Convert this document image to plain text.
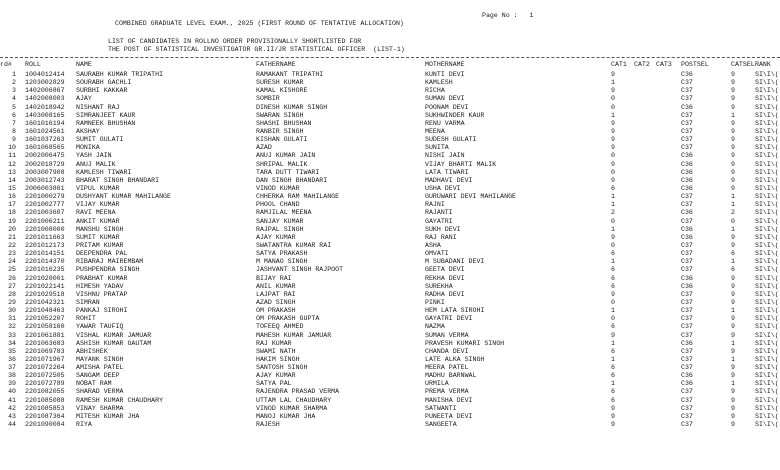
Page No :   1
COMBINED GRADUATE LEVEL EXAM., 2025 (FIRST ROUND OF TENTATIVE ALLOCATION)
LIST OF CANDIDATES IN ROLLNO ORDER PROVISIONALLY SHORTLISTED FOR
THE POST OF STATISTICAL INVESTIGATOR GR.II/JR STATISTICAL OFFICER  (LIST-1)
rd#	ROLL	NAME	FATHERNAME	MOTHERNAME	CAT1	CAT2 CAT3	POSTSEL	CATSEL RANK
1 1004012414	SAURABH KUMAR TRIPATHI	RAMAKANT TRIPATHI	KUNTI DEVI	9	C36	9	SI\I\(
2 1203002829	SOURABH GACHLI	SURESH KUMAR	KAMLESH	1	C37	9	SI\I\(
3 1402006867	SURBHI KAKKAR	KAMAL KISHORE	RICHA	9	C37	9	SI\I\(
4 1402008003	AJAY	SOMBIR	SUMAN DEVI	0	C37	9	SI\I\(
5 1402018942	NISHANT RAJ	DINESH KUMAR SINGH	POONAM DEVI	0	C36	9	SI\I\(
6 1403008165	SIMRANJEET KAUR	SWARAN SINGH	SUKHWINDER KAUR	1	C37	1	SI\I\(
7 1601016194	RAMNEEK BHUSHAN	SHASHI BHUSHAN	RENU VARMA	9	C37	9	SI\I\(
8 1601024561	AKSHAY	RANBIR SINGH	MEENA	9	C37	9	SI\I\(
9 1601037263	SUMIT GULATI	KISHAN GULATI	SUDESH GULATI	9	C37	9	SI\I\(
10 1601068565	MONIKA	AZAD	SUNITA	9	C37	9	SI\I\(
11 2002006475	YASH JAIN	ANUJ KUMAR JAIN	NISHI JAIN	0	C36	9	SI\I\(
12 2002018729	ANUJ MALIK	SHRIPAL MALIK	VIJAY BHARTI MALIK	9	C36	9	SI\I\(
13 2003007908	KAMLESH TIWARI	TARA DUTT TIWARI	LATA TIWARI	0	C36	9	SI\I\(
14 2003012743	BHARAT SINGH BHANDARI	DAN SINGH BHANDARI	MADHAVI DEVI	9	C36	9	SI\I\(
15 2006003801	VIPUL KUMAR	VINOD KUMAR	USHA DEVI	6	C36	9	SI\I\(
16 2201000279	DUSHYANT KUMAR MAHILANGE	CHHERKA RAM MAHILANGE	GURUWARI DEVI MAHILANGE	1	C37	1	SI\I\(
17 2201002777	VIJAY KUMAR	PHOOL CHAND	RAJNI	1	C37	1	SI\I\(
18 2201003607	RAVI MEENA	RAMJILAL MEENA	RAJANTI	2	C36	2	SI\I\(
19 2201006211	ANKIT KUMAR	SANJAY KUMAR	GAYATRI	0	C37	0	SI\I\(
20 2201008000	MANSHU SINGH	RAJPAL SINGH	SUKH DEVI	1	C36	1	SI\I\(
21 2201011663	SUMIT KUMAR	AJAY KUMAR	RAJ RANI	9	C36	9	SI\I\(
22 2201012173	PRITAM KUMAR	SWATANTRA KUMAR RAI	ASHA	0	C37	9	SI\I\(
23 2201014151	DEEPENDRA PAL	SATYA PRAKASH	OMVATI	6	C37	6	SI\I\(
24 2201014370	RIBARAJ MAIREMBAM	M MANAO SINGH	M SUBADANI DEVI	1	C37	1	SI\I\(
25 2201016235	PUSHPENDRA SINGH	JASHVANT SINGH RAJPOOT	GEETA DEVI	6	C37	6	SI\I\(
26 2201020001	PRABHAT KUMAR	BIJAY RAI	REKHA DEVI	6	C36	9	SI\I\(
27 2201022141	HIMESH YADAV	ANIL KUMAR	SUREKHA	6	C36	9	SI\I\(
28 2201029518	VISHNU PRATAP	LAJPAT RAI	RADHA DEVI	9	C37	9	SI\I\(
29 2201042321	SIMRAN	AZAD SINGH	PINKI	0	C37	9	SI\I\(
30 2201048463	PANKAJ SIROHI	OM PRAKASH	HEM LATA SIROHI	1	C37	1	SI\I\(
31 2201052207	ROHIT	OM PRAKASH GUPTA	GAYATRI DEVI	0	C37	9	SI\I\(
32 2201058160	YAWAR TAUFIQ	TOFEEQ AHMED	NAZMA	6	C37	9	SI\I\(
33 2201061881	VISHAL KUMAR JAMUAR	MAHESH KUMAR JAMUAR	SUMAN VERMA	9	C37	9	SI\I\(
34 2201063683	ASHISH KUMAR GAUTAM	RAJ KUMAR	PRAVESH KUMARI SINGH	1	C36	1	SI\I\(
35 2201069783	ABHISHEK	SWAMI NATH	CHANDA DEVI	6	C37	9	SI\I\(
36 2201071967	MAYANK SINGH	HAKIM SINGH	LATE ALKA SINGH	1	C37	1	SI\I\(
37 2201072264	AMISHA PATEL	SANTOSH SINGH	MEERA PATEL	6	C37	9	SI\I\(
38 2201072505	SANGAM DEEP	AJAY KUMAR	MADHU BARNWAL	6	C36	9	SI\I\(
39 2201072789	NOBAT RAM	SATYA PAL	URMILA	1	C36	1	SI\I\(
40 2201082055	SHARAD VERMA	RAJENDRA PRASAD VERMA	PREMA VERMA	6	C37	9	SI\I\(
41 2201085088	RAMESH KUMAR CHAUDHARY	UTTAM LAL CHAUDHARY	MANISHA DEVI	6	C37	9	SI\I\(
42 2201085853	VINAY SHARMA	VINOD KUMAR SHARMA	SATWANTI	9	C37	9	SI\I\(
43 2201087364	MITESH KUMAR JHA	MANOJ KUMAR JHA	PUNEETA DEVI	9	C37	9	SI\I\(
44 2201090084	RIYA	RAJESH	SANGEETA	9	C37	9	SI\I\(
